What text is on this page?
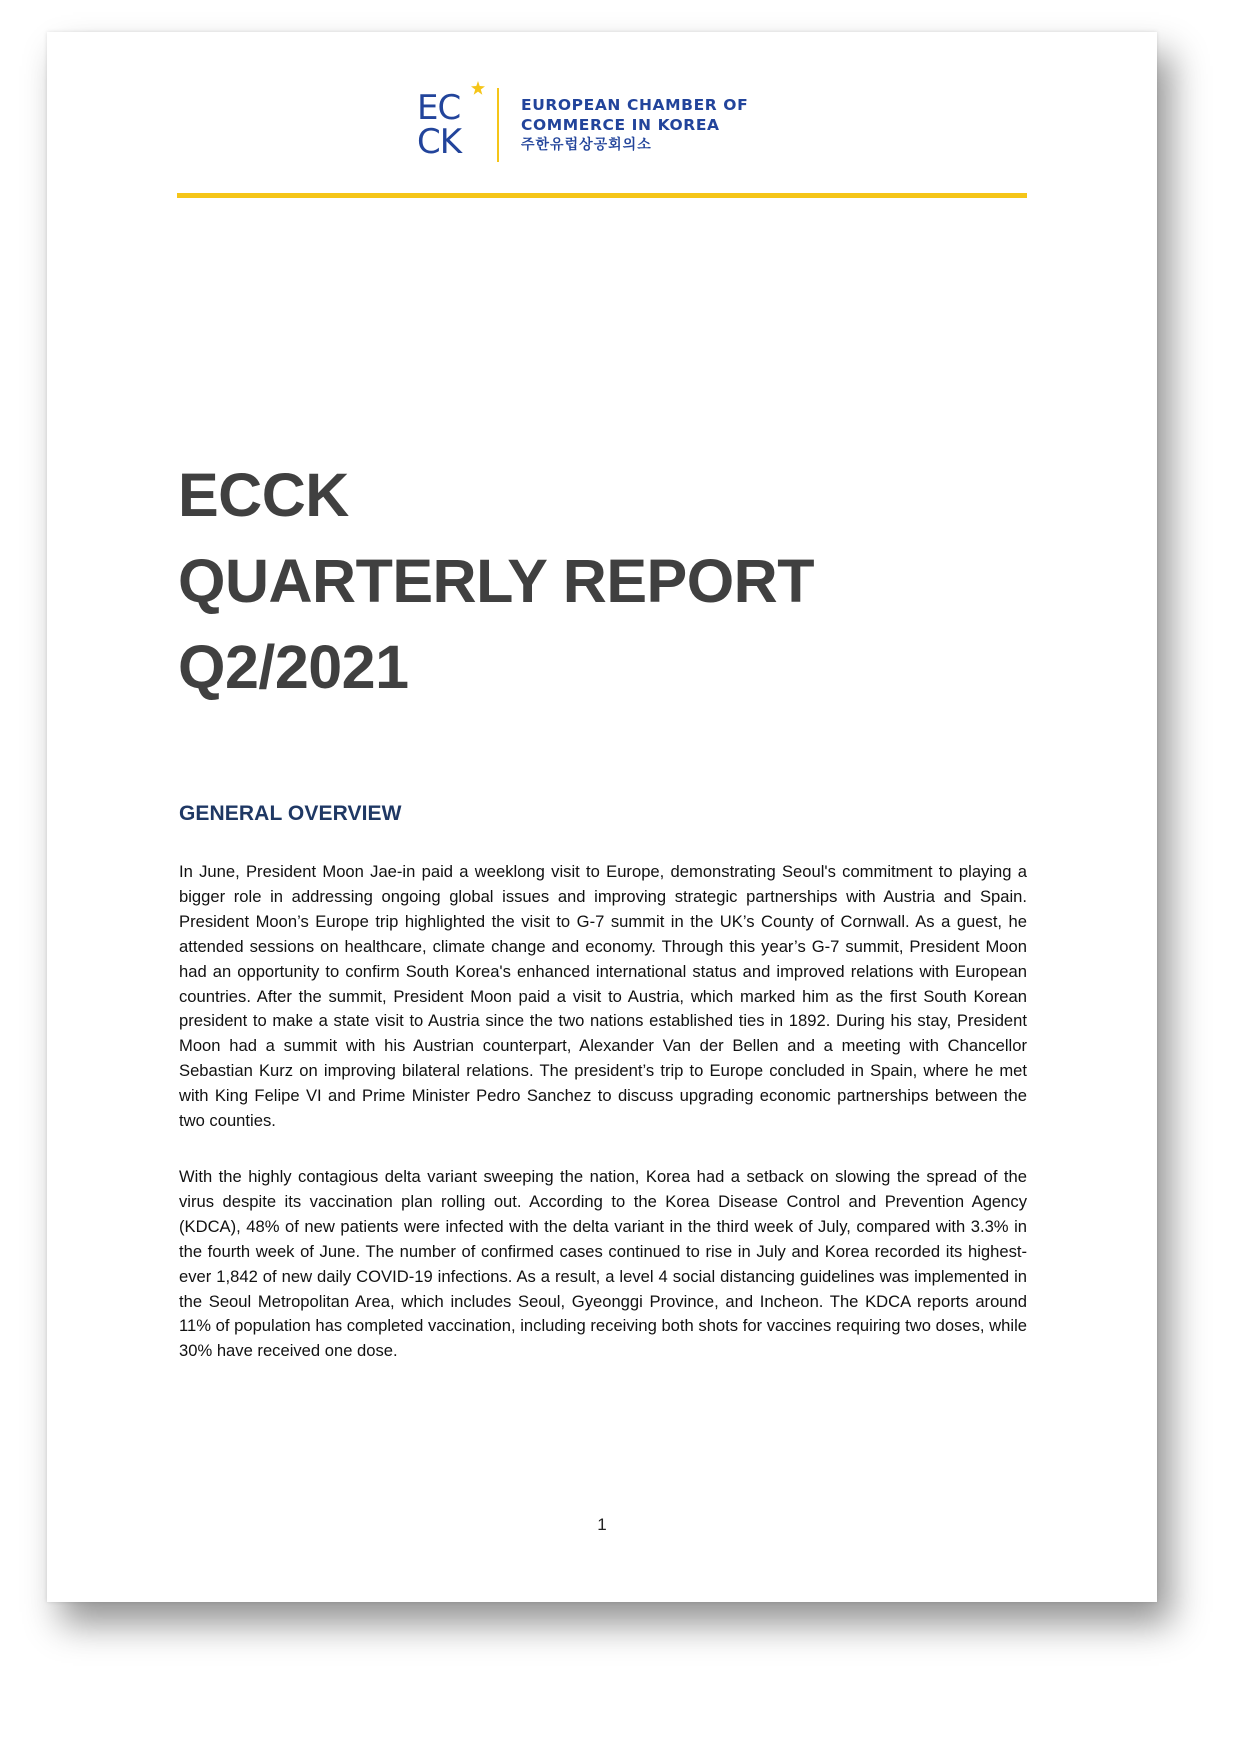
EC
CK
EUROPEAN CHAMBER OF
COMMERCE IN KOREA
주한유럽상공회의소
ECCK
QUARTERLY REPORT
Q2/2021
GENERAL OVERVIEW

In June, President Moon Jae-in paid a weeklong visit to Europe, demonstrating Seoul's commitment to playing a bigger role in addressing ongoing global issues and improving strategic partnerships with Austria and Spain. President Moon’s Europe trip highlighted the visit to G-7 summit in the UK’s County of Cornwall. As a guest, he attended sessions on healthcare, climate change and economy. Through this year’s G-7 summit, President Moon had an opportunity to confirm South Korea's enhanced international status and improved relations with European countries. After the summit, President Moon paid a visit to Austria, which marked him as the first South Korean president to make a state visit to Austria since the two nations established ties in 1892. During his stay, President Moon had a summit with his Austrian counterpart, Alexander Van der Bellen and a meeting with Chancellor Sebastian Kurz on improving bilateral relations. The president’s trip to Europe concluded in Spain, where he met with King Felipe VI and Prime Minister Pedro Sanchez to discuss upgrading economic partnerships between the two counties.

With the highly contagious delta variant sweeping the nation, Korea had a setback on slowing the spread of the virus despite its vaccination plan rolling out. According to the Korea Disease Control and Prevention Agency (KDCA), 48% of new patients were infected with the delta variant in the third week of July, compared with 3.3% in the fourth week of June. The number of confirmed cases continued to rise in July and Korea recorded its highest-ever 1,842 of new daily COVID-19 infections. As a result, a level 4 social distancing guidelines was implemented in the Seoul Metropolitan Area, which includes Seoul, Gyeonggi Province, and Incheon. The KDCA reports around 11% of population has completed vaccination, including receiving both shots for vaccines requiring two doses, while 30% have received one dose.

1
